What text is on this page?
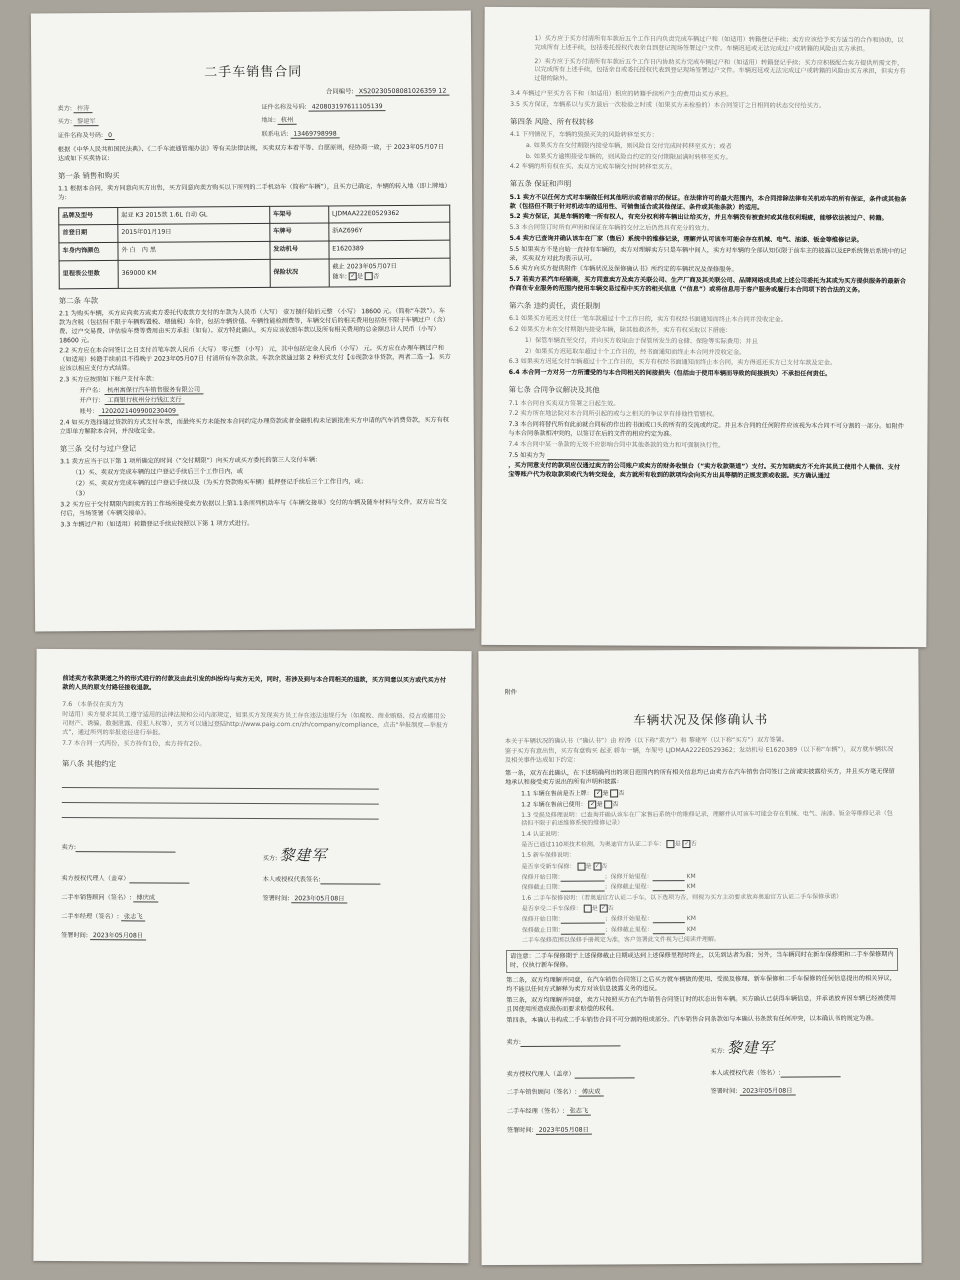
二手车销售合同
合同编号: XS20230508081026359 12
卖方: 梓涛	证件名称及号码: 420803197611105139
买方: 黎建军	地址: 杭州
证件名称及号码: 0	联系电话: 13469798998
根据《中华人民共和国民法典》、《二手车流通管理办法》等有关法律法规，买卖双方本着平等、自愿原则，经协商一致，于 2023年05月07日 达成如下买卖协议:
第一条 销售和购买
1.1 根据本合同，卖方同意向买方出售，买方同意向卖方购买以下所列的二手机动车（简称“车辆”），且买方已确定，车辆的转入地（即上牌地）为：
品牌及型号	起亚 K3 2015款 1.6L 自动 GL	车架号	LJDMAA222E0529362
首登日期	2015年01月19日	车牌号	浙AZ696Y
车身内饰颜色	外 白 内 黑	发动机号	E1620389
里程表公里数	369000 KM	保险状况	截止 2023年05月07日
随车: ✓是 否
第二条 车款
2.1 为购买车辆，买方应向卖方或卖方委托代收款方支付的车款为人民币（大写） 壹万捌仟陆佰元整 （小写） 18600 元。（简称“车款”）。车款为含税（包括但不限于车辆购置税、增值税）车价，包括车辆价值、车辆性能检测费等，车辆交付后的相关费用包括但不限于车辆过户（含）费、过户交易费、评估验车费等费用由买方承担（如有）。双方特此确认，买方应该依照车款以及所有相关费用的总金额总计人民币（小写） 18600 元。
2.2 买方应在本合同签订之日支付首笔车款人民币（大写） 零元整 （小写） 元，其中包括定金人民币（小写） 元。买方应在办理车辆过户和（如适用）转籍手续前且不得晚于 2023年05月07日 付清所有车款余款。车款余款通过第 2 种形式支付【①现款②非贷款，两者二选一】。买方应该以相应支付方式结算。
2.3 买方应按照如下账户支付车款：
开户名： 杭州寓保行汽车销售服务有限公司
开户行： 工商银行杭州分行钱江支行
账号： 1202021409900230409
2.4 如买方选择通过贷款的方式支付车款，而最终买方未能按本合同约定办理贷款或者金融机构未足额批准买方申请的汽车消费贷款，买方有权立即单方解除本合同，并没收定金。
第三条 交付与过户登记
3.1 卖方应当于以下第 1 项所确定的时间（“交付期限”）向买方或买方委托的第三人交付车辆：
（1）买、卖双方完成车辆的过户登记手续后三个工作日内，或
（2）买、卖双方完成车辆的过户登记手续以及（为买方贷款购买车辆）抵押登记手续后三个工作日内，或；
（3）
3.2 买方应于交付期限内到卖方的工作场所接受卖方依据以上第1.1条所列机动车与《车辆交接单》交付的车辆及随车材料与文件，双方应当交付后，当场签署《车辆交接单》。
3.3 车辆过户和（如适用）转籍登记手续应按照以下第 1 项方式进行。
1）买方应于买方付清所有车款后五个工作日内负责完成车辆过户和（如适用）转籍登记手续；卖方应该给予买方适当的合作和协助，以完成所有上述手续，包括委托授权代表亲自到登记现场签署过户文件。车辆迟延或无法完成过户或转籍的风险由买方承担。
2）卖方应于买方付清所有车款后五个工作日内协助买方完成车辆过户和（如适用）转籍登记手续；买方应积极配合卖方提供所需文件，以完成所有上述手续，包括亲自或委托授权代表到登记现场签署过户文件。车辆迟延或无法完成过户或转籍的风险由买方承担，但卖方有过错的除外。
3.4 车辆过户至买方名下和（如适用）相应的转籍手续所产生的费用由买方承担。
3.5 买方保证，车辆系以与买方最后一次检验之时或（如果买方未检验的）本合同签订之日相同的状态交付给买方。
第四条 风险、所有权转移
4.1 下列情况下，车辆的毁损灭失的风险转移至买方：
a. 如果买方在交付期限内接受车辆，则风险自交付完成时转移至买方；或者
b. 如果买方逾期接受车辆的，则风险自约定的交付期限届满时转移至买方。
4.2 车辆的所有权在买、卖双方完成车辆交付时转移至买方。
第五条 保证和声明
5.1 卖方不以任何方式对车辆做任何其他明示或者暗示的保证。在法律许可的最大范围内，本合同排除法律有关机动车的所有保证，条件或其他条款（包括但不限于针对机动车的适用性、可销售适合或其他保证、条件或其他条款）的适用。
5.2 卖方保证，其是车辆的唯一所有权人，有充分权利将车辆出让给买方，并且车辆没有被查封或其他权利瑕疵，能够依法被过户、转籍。
5.3 本合同签订时所有声明和保证在车辆的交付之后仍然具有充分的效力。
5.4 卖方已查询并确认该车在厂家（售后）系统中的维修记录，理解并认可该车可能会存在机械、电气、油漆、钣金等维修记录。
5.5 如果卖方不是自始一直持有车辆的，卖方对理解卖方只是车辆中间人，卖方对车辆的全部认知仅限于前车主的披露以及EP系统售后系统中的记录，买卖双方对此均表示认可。
5.6 卖方向买方提供附件《车辆状况及保修确认书》所约定的车辆状况及保修服务。
5.7 若卖方系汽车经销商，买方同意卖方及卖方关联公司、生产厂商及其关联公司、品牌网络成员或上述公司委托为其或为买方提供服务的最新合作商在专业服务的范围内使用车辆交易过程中买方的相关信息（“信息”）或将信息用于客户服务或履行本合同项下的合法的义务。
第六条 违约责任，责任限制
6.1 如果买方延迟支付任一笔车款超过十个工作日的，卖方有权经书面通知而终止本合同并没收定金。
6.2 如果买方未在交付期限内接受车辆，除其他救济外，卖方有权采取以下措施：
1）保管车辆直至交付，并向买方收取由于保管所发生的仓储、保险等实际费用；并且
2）如果买方迟延取车超过十个工作日的，经书面通知而终止本合同并没收定金。
6.3 如果卖方迟延交付车辆超过十个工作日的，买方有权经书面通知而终止本合同，卖方得返还买方已支付车款及定金。
6.4 本合同一方对另一方所遭受的与本合同相关的间接损失（包括由于使用车辆而导致的间接损失）不承担任何责任。
第七条 合同争议解决及其他
7.1 本合同自买卖双方签署之日起生效。
7.2 卖方所在地法院对本合同所引起的或与之相关的争议享有排他性管辖权。
7.3 本合同将替代所有此前就合同标的作出的书面或口头的所有的交流或约定。并且本合同的任何附件应该视为本合同不可分割的一部分。如附件与本合同条款相冲突的，以签订在后的文件的相应约定为准。
7.4 本合同中某一条款的无效不应影响合同中其他条款的效力和可强制执行性。
7.5 如卖方为
，买方同意支付的款项应仅通过卖方的公司账户或卖方的财务收银台（“卖方收款渠道”）支付。买方知晓卖方不允许其员工使用个人微信、支付宝等账户代为收取款项或代为转交现金，卖方就所有收到的款项均会向买方出具等额的正规发票或收据。买方确认通过
前述卖方收款渠道之外的形式进行的付款及由此引发的纠纷均与卖方无关，同时，若涉及到与本合同相关的退款，买方同意以买方或代买方付款的人员的原支付路径接收退款。
7.6 （本条仅在卖方为
时适用）卖方要求其员工遵守适用的法律法规和公司内部规定，如果买方发现卖方员工存在违法违规行为（如腐败、商业贿赂、侵占或挪用公司财产、诱骗、数据泄露、侵犯人权等），买方可以通过登陆http://www.paig.com.cn/zh/company/compliance，点击“举报制度—举报方式”，通过所列的举报途径进行举报。
7.7 本合同一式两份，买方持有1份，卖方持有2份。
第八条 其他约定
卖方:
买方: 黎建军
卖方授权代理人（盖章）	本人或授权代表签名:
二手车销售顾问（签名）: 傅庆成	签署时间: 2023年05月08日
二手车经理（签名）: 张志飞
签署时间: 2023年05月08日
附件
车辆状况及保修确认书
本关于车辆状况的确认书（“确认书”）由 梓涛（以下称“卖方”）和 黎建军（以下称“买方”）双方签署。
鉴于买方有意出售，买方有意购买 起亚 轿车一辆，车架号 LJDMAA222E0529362；发动机号 E1620389（以下称“车辆”），双方就车辆状况及相关事件达成如下约定：
第一条，双方在此确认，在下述明确列出的项目范围内的所有相关信息均已由卖方在汽车销售合同签订之前诚实披露给买方，并且买方毫无保留地承认和接受卖方说出的所有声明和披露：
1.1 车辆在售前是否上牌： ✓ 是 否
1.2 车辆在售前已使用： ✓ 是 否
1.3 受损及修理说明：已查询并确认该车在厂家售后系统中的维修记录，理解并认可该车可能会存在机械、电气、油漆、钣金等维修记录（包括但不限于前述维修系统的维修记录）
1.4 认证说明：
是否已通过110项技术检测，为奥迪官方认证二手车： 是 ✓ 否
1.5 新车保修说明：
是否享受新车保修： 是 ✓ 否
保修开始日期：	；保修开始里程：	KM
保修截止日期：	；保修截止里程：	KM
1.6 二手车保修说明：（若奥迪官方认证二手车，以下选项为否，则视为买方主动要求放弃奥迪官方认证二手车保修承诺）
是否享受二手车保修： 是 ✓ 否
保修开始日期：	；保修开始里程：	KM
保修截止日期：	；保修截止里程：	KM
二手车保修范围以保修手册规定为准，客户签署此文件视为已阅读并理解。
请注意：二手车保修期于上述保修截止日期或达到上述保修里程时终止，以先到达者为准；另外，当车辆同时在新车保修期和二手车保修期内时，仅执行新车保修。
第二条，双方均理解并同意，在汽车销售合同签订之后买方就车辆做的使用、受损及修理、新车保修和二手车保修的任何信息提出的相关异议，均不能以任何方式解释为卖方对该信息披露义务的违反。
第三条，双方均理解并同意，卖方只按照买方在汽车销售合同签订时的状态出售车辆。买方确认已获得车辆信息，并承诺放弃因车辆已经被使用且因使用所造成损伤而要求赔偿的权利。
第四条，本确认书构成二手车销售合同不可分割的组成部分。汽车销售合同条款如与本确认书条款有任何冲突，以本确认书的规定为准。
卖方:
买方: 黎建军
卖方授权代理人（盖章）	本人或授权代表（签名）:
二手车销售顾问（签名）: 傅庆成	签署时间: 2023年05月08日
二手车经理（签名）: 张志飞
签署时间: 2023年05月08日
